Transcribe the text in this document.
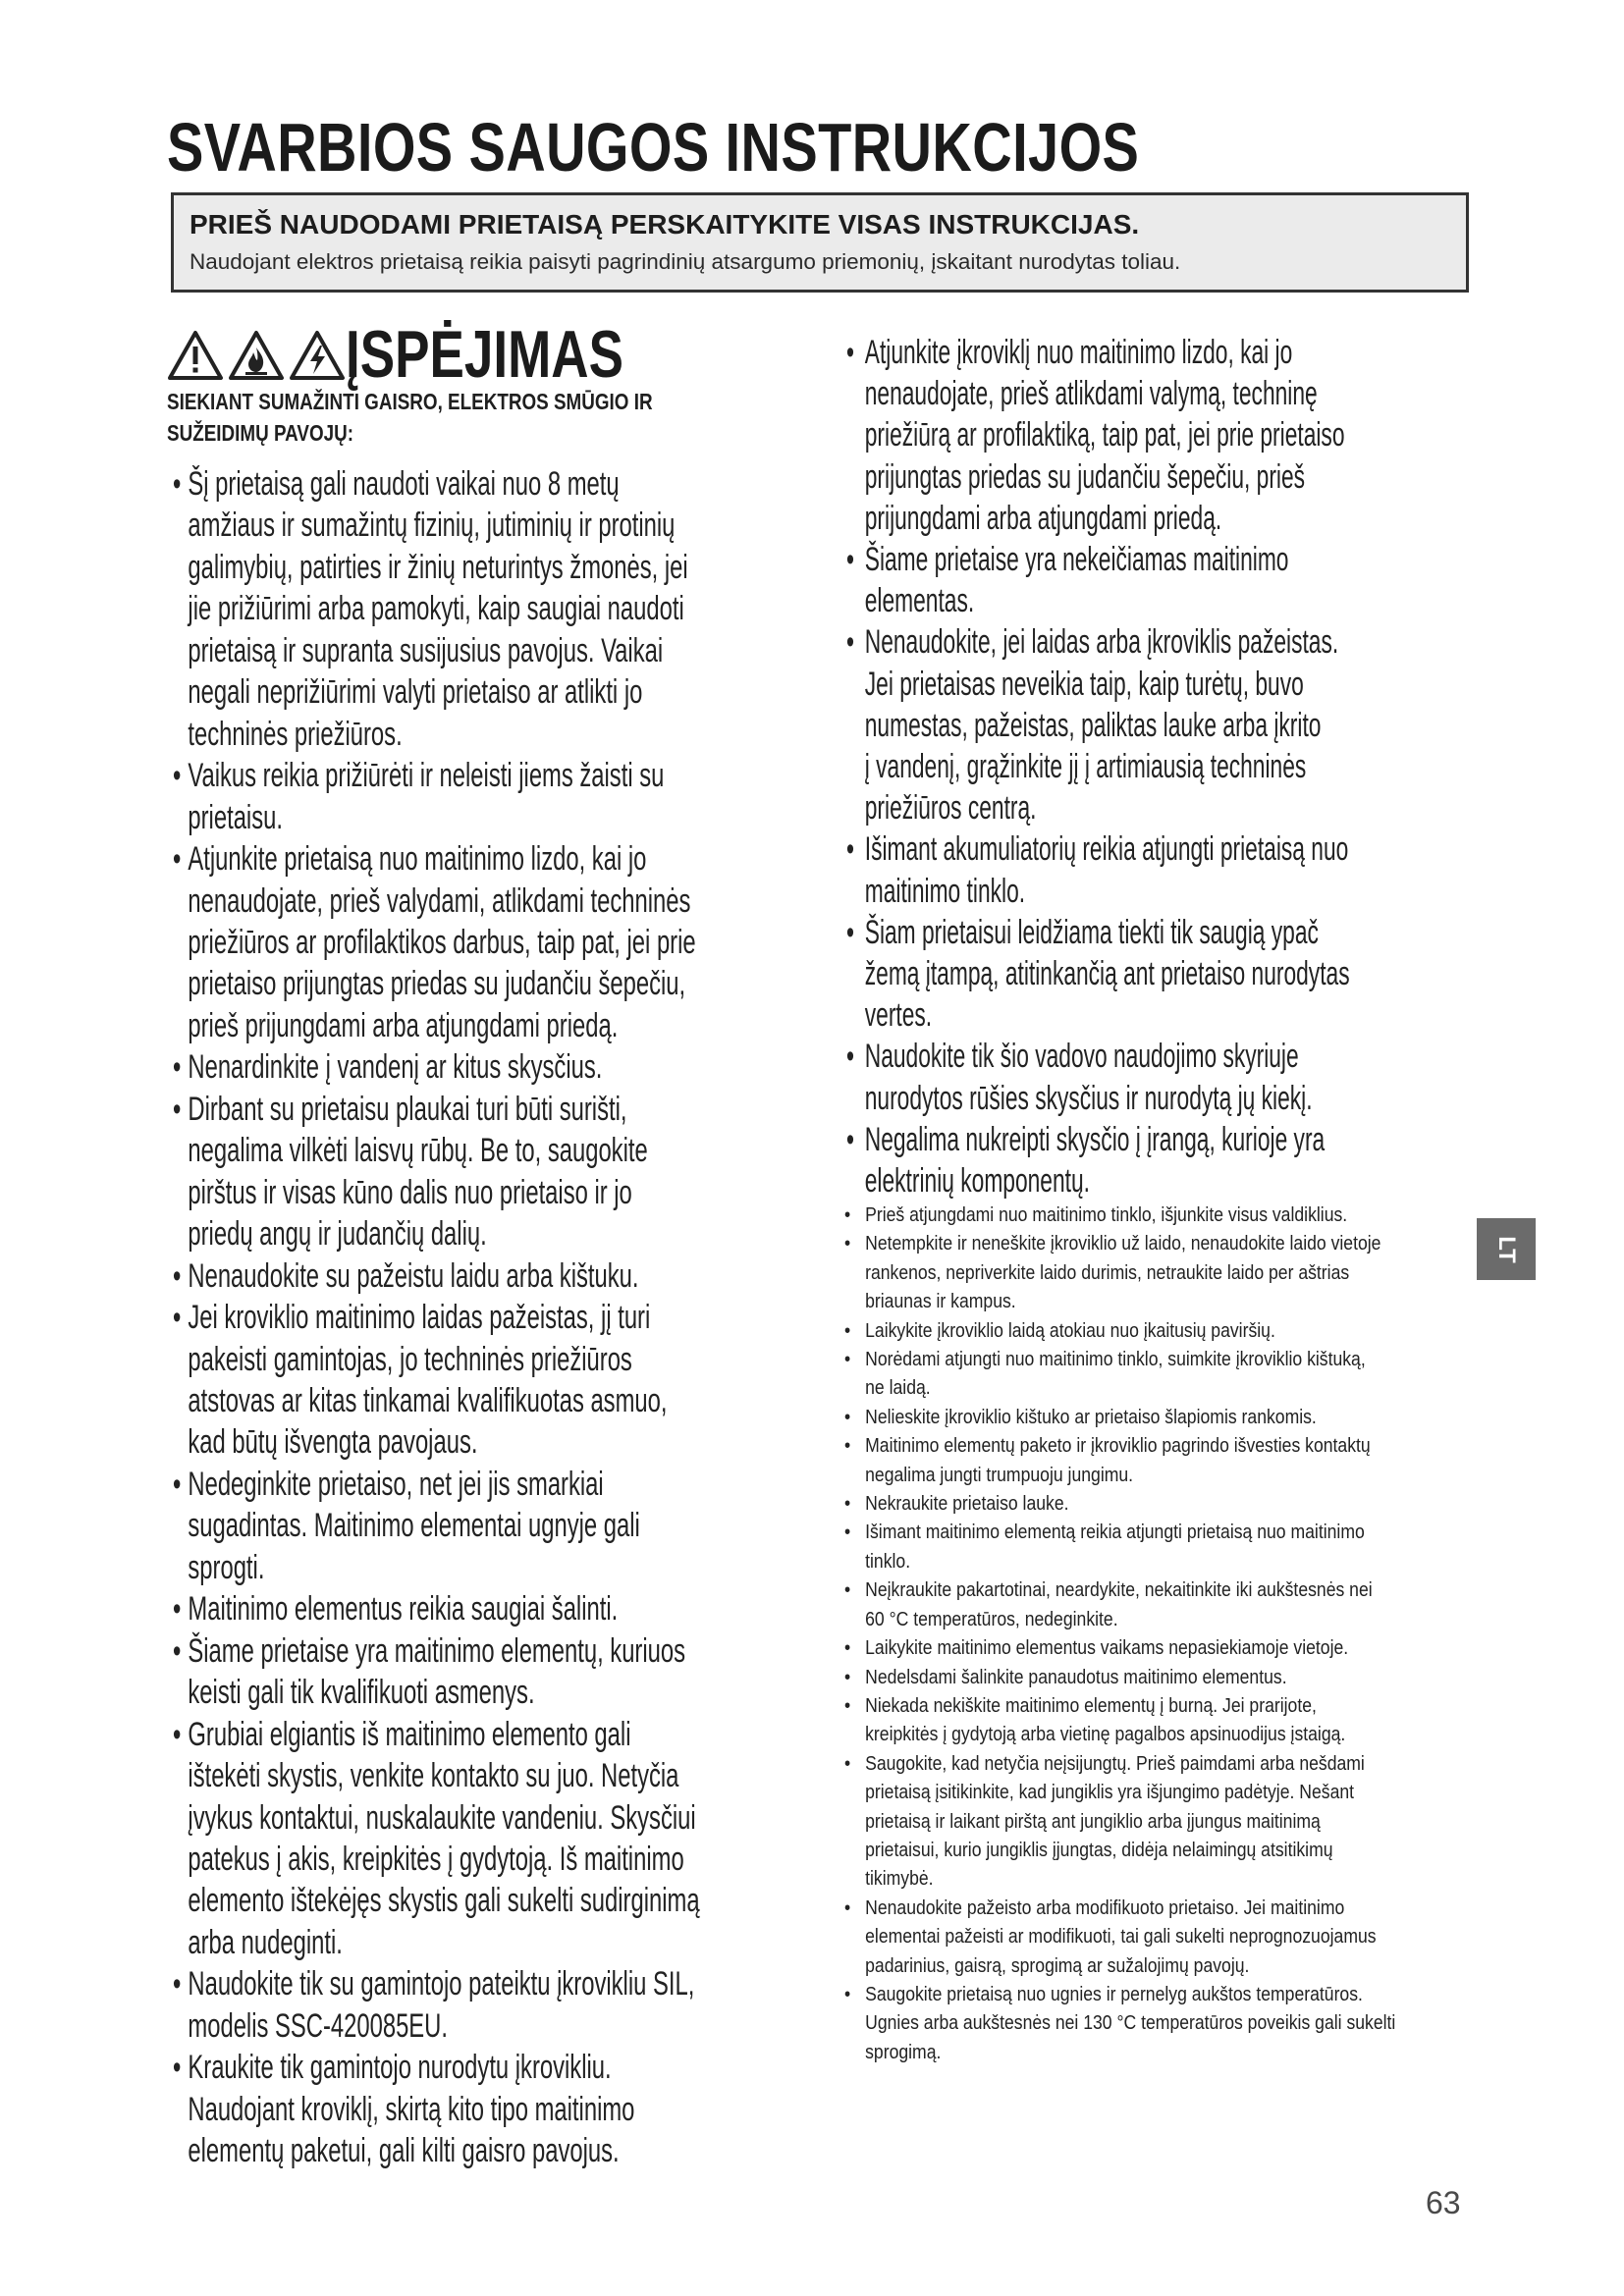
SVARBIOS SAUGOS INSTRUKCIJOS
PRIEŠ NAUDODAMI PRIETAISĄ PERSKAITYKITE VISAS INSTRUKCIJAS.
Naudojant elektros prietaisą reikia paisyti pagrindinių atsargumo priemonių, įskaitant nurodytas toliau.
ĮSPĖJIMAS
SIEKIANT SUMAŽINTI GAISRO, ELEKTROS SMŪGIO IR
SUŽEIDIMŲ PAVOJŲ:
• Šį prietaisą gali naudoti vaikai nuo 8 metų
amžiaus ir sumažintų fizinių, jutiminių ir protinių
galimybių, patirties ir žinių neturintys žmonės, jei
jie prižiūrimi arba pamokyti, kaip saugiai naudoti
prietaisą ir supranta susijusius pavojus. Vaikai
negali neprižiūrimi valyti prietaiso ar atlikti jo
techninės priežiūros.
• Vaikus reikia prižiūrėti ir neleisti jiems žaisti su
prietaisu.
• Atjunkite prietaisą nuo maitinimo lizdo, kai jo
nenaudojate, prieš valydami, atlikdami techninės
priežiūros ar profilaktikos darbus, taip pat, jei prie
prietaiso prijungtas priedas su judančiu šepečiu,
prieš prijungdami arba atjungdami priedą.
• Nenardinkite į vandenį ar kitus skysčius.
• Dirbant su prietaisu plaukai turi būti surišti,
negalima vilkėti laisvų rūbų. Be to, saugokite
pirštus ir visas kūno dalis nuo prietaiso ir jo
priedų angų ir judančių dalių.
• Nenaudokite su pažeistu laidu arba kištuku.
• Jei kroviklio maitinimo laidas pažeistas, jį turi
pakeisti gamintojas, jo techninės priežiūros
atstovas ar kitas tinkamai kvalifikuotas asmuo,
kad būtų išvengta pavojaus.
• Nedeginkite prietaiso, net jei jis smarkiai
sugadintas. Maitinimo elementai ugnyje gali
sprogti.
• Maitinimo elementus reikia saugiai šalinti.
• Šiame prietaise yra maitinimo elementų, kuriuos
keisti gali tik kvalifikuoti asmenys.
• Grubiai elgiantis iš maitinimo elemento gali
ištekėti skystis, venkite kontakto su juo. Netyčia
įvykus kontaktui, nuskalaukite vandeniu. Skysčiui
patekus į akis, kreipkitės į gydytoją. Iš maitinimo
elemento ištekėjęs skystis gali sukelti sudirginimą
arba nudeginti.
• Naudokite tik su gamintojo pateiktu įkrovikliu SIL,
modelis SSC-420085EU.
• Kraukite tik gamintojo nurodytu įkrovikliu.
Naudojant kroviklį, skirtą kito tipo maitinimo
elementų paketui, gali kilti gaisro pavojus.
• Atjunkite įkroviklį nuo maitinimo lizdo, kai jo
nenaudojate, prieš atlikdami valymą, techninę
priežiūrą ar profilaktiką, taip pat, jei prie prietaiso
prijungtas priedas su judančiu šepečiu, prieš
prijungdami arba atjungdami priedą.
• Šiame prietaise yra nekeičiamas maitinimo
elementas.
• Nenaudokite, jei laidas arba įkroviklis pažeistas.
Jei prietaisas neveikia taip, kaip turėtų, buvo
numestas, pažeistas, paliktas lauke arba įkrito
į vandenį, grąžinkite jį į artimiausią techninės
priežiūros centrą.
• Išimant akumuliatorių reikia atjungti prietaisą nuo
maitinimo tinklo.
• Šiam prietaisui leidžiama tiekti tik saugią ypač
žemą įtampą, atitinkančią ant prietaiso nurodytas
vertes.
• Naudokite tik šio vadovo naudojimo skyriuje
nurodytos rūšies skysčius ir nurodytą jų kiekį.
• Negalima nukreipti skysčio į įrangą, kurioje yra
elektrinių komponentų.
• Prieš atjungdami nuo maitinimo tinklo, išjunkite visus valdiklius.
• Netempkite ir neneškite įkroviklio už laido, nenaudokite laido vietoje
rankenos, nepriverkite laido durimis, netraukite laido per aštrias
briaunas ir kampus.
• Laikykite įkroviklio laidą atokiau nuo įkaitusių paviršių.
• Norėdami atjungti nuo maitinimo tinklo, suimkite įkroviklio kištuką,
ne laidą.
• Nelieskite įkroviklio kištuko ar prietaiso šlapiomis rankomis.
• Maitinimo elementų paketo ir įkroviklio pagrindo išvesties kontaktų
negalima jungti trumpuoju jungimu.
• Nekraukite prietaiso lauke.
• Išimant maitinimo elementą reikia atjungti prietaisą nuo maitinimo
tinklo.
• Neįkraukite pakartotinai, neardykite, nekaitinkite iki aukštesnės nei
60 °C temperatūros, nedeginkite.
• Laikykite maitinimo elementus vaikams nepasiekiamoje vietoje.
• Nedelsdami šalinkite panaudotus maitinimo elementus.
• Niekada nekiškite maitinimo elementų į burną. Jei prarijote,
kreipkitės į gydytoją arba vietinę pagalbos apsinuodijus įstaigą.
• Saugokite, kad netyčia neįsijungtų. Prieš paimdami arba nešdami
prietaisą įsitikinkite, kad jungiklis yra išjungimo padėtyje. Nešant
prietaisą ir laikant pirštą ant jungiklio arba įjungus maitinimą
prietaisui, kurio jungiklis įjungtas, didėja nelaimingų atsitikimų
tikimybė.
• Nenaudokite pažeisto arba modifikuoto prietaiso. Jei maitinimo
elementai pažeisti ar modifikuoti, tai gali sukelti neprognozuojamus
padarinius, gaisrą, sprogimą ar sužalojimų pavojų.
• Saugokite prietaisą nuo ugnies ir pernelyg aukštos temperatūros.
Ugnies arba aukštesnės nei 130 °C temperatūros poveikis gali sukelti
sprogimą.
LT
63
